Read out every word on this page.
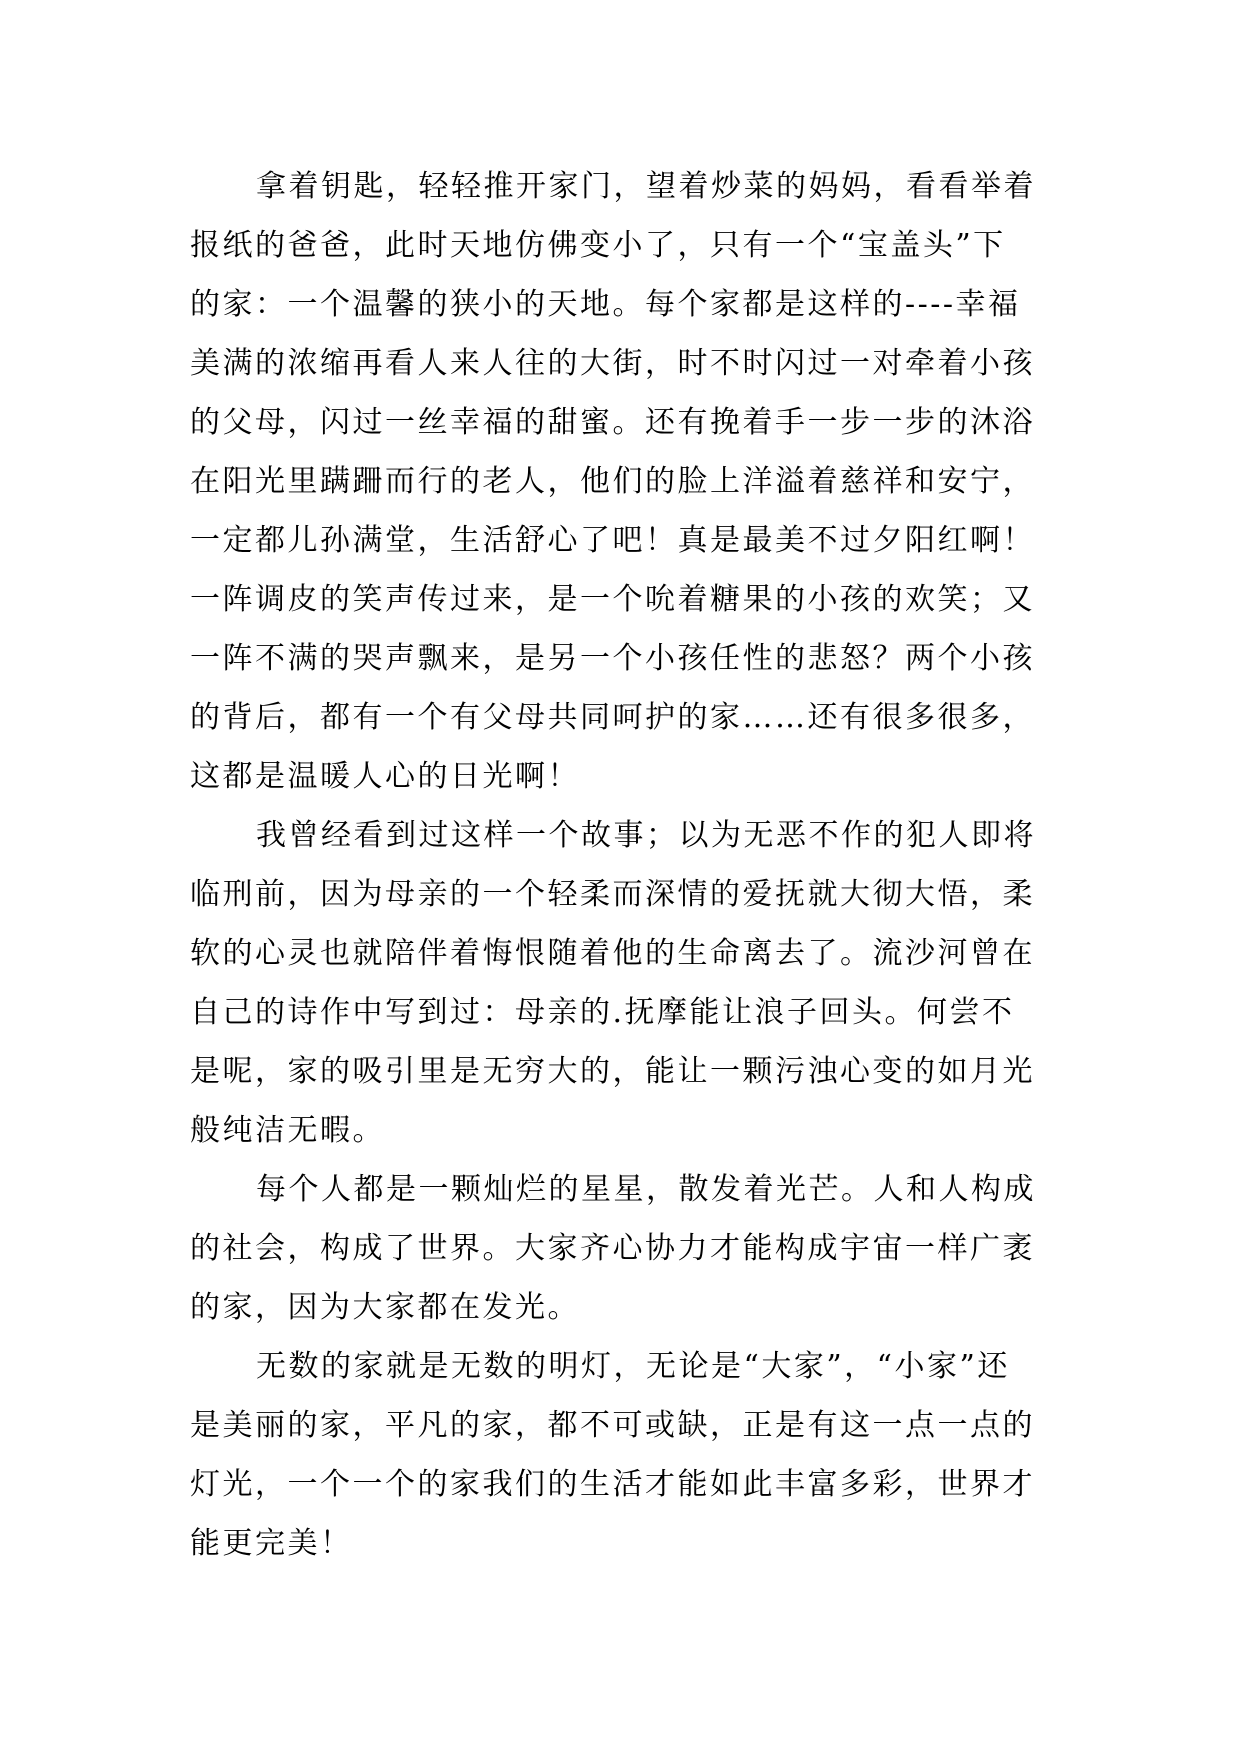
拿着钥匙，轻轻推开家门，望着炒菜的妈妈，看看举着
报纸的爸爸，此时天地仿佛变小了，只有一个“宝盖头”下
的家：一个温馨的狭小的天地。每个家都是这样的----幸福
美满的浓缩再看人来人往的大街，时不时闪过一对牵着小孩
的父母，闪过一丝幸福的甜蜜。还有挽着手一步一步的沐浴
在阳光里蹒跚而行的老人，他们的脸上洋溢着慈祥和安宁，
一定都儿孙满堂，生活舒心了吧！真是最美不过夕阳红啊！
一阵调皮的笑声传过来，是一个吮着糖果的小孩的欢笑；又
一阵不满的哭声飘来，是另一个小孩任性的悲怒？两个小孩
的背后，都有一个有父母共同呵护的家……还有很多很多，
这都是温暖人心的日光啊！
我曾经看到过这样一个故事；以为无恶不作的犯人即将
临刑前，因为母亲的一个轻柔而深情的爱抚就大彻大悟，柔
软的心灵也就陪伴着悔恨随着他的生命离去了。流沙河曾在
自己的诗作中写到过：母亲的.抚摩能让浪子回头。何尝不
是呢，家的吸引里是无穷大的，能让一颗污浊心变的如月光
般纯洁无暇。
每个人都是一颗灿烂的星星，散发着光芒。人和人构成
的社会，构成了世界。大家齐心协力才能构成宇宙一样广袤
的家，因为大家都在发光。
无数的家就是无数的明灯，无论是“大家”，“小家”还
是美丽的家，平凡的家，都不可或缺，正是有这一点一点的
灯光，一个一个的家我们的生活才能如此丰富多彩，世界才
能更完美！
